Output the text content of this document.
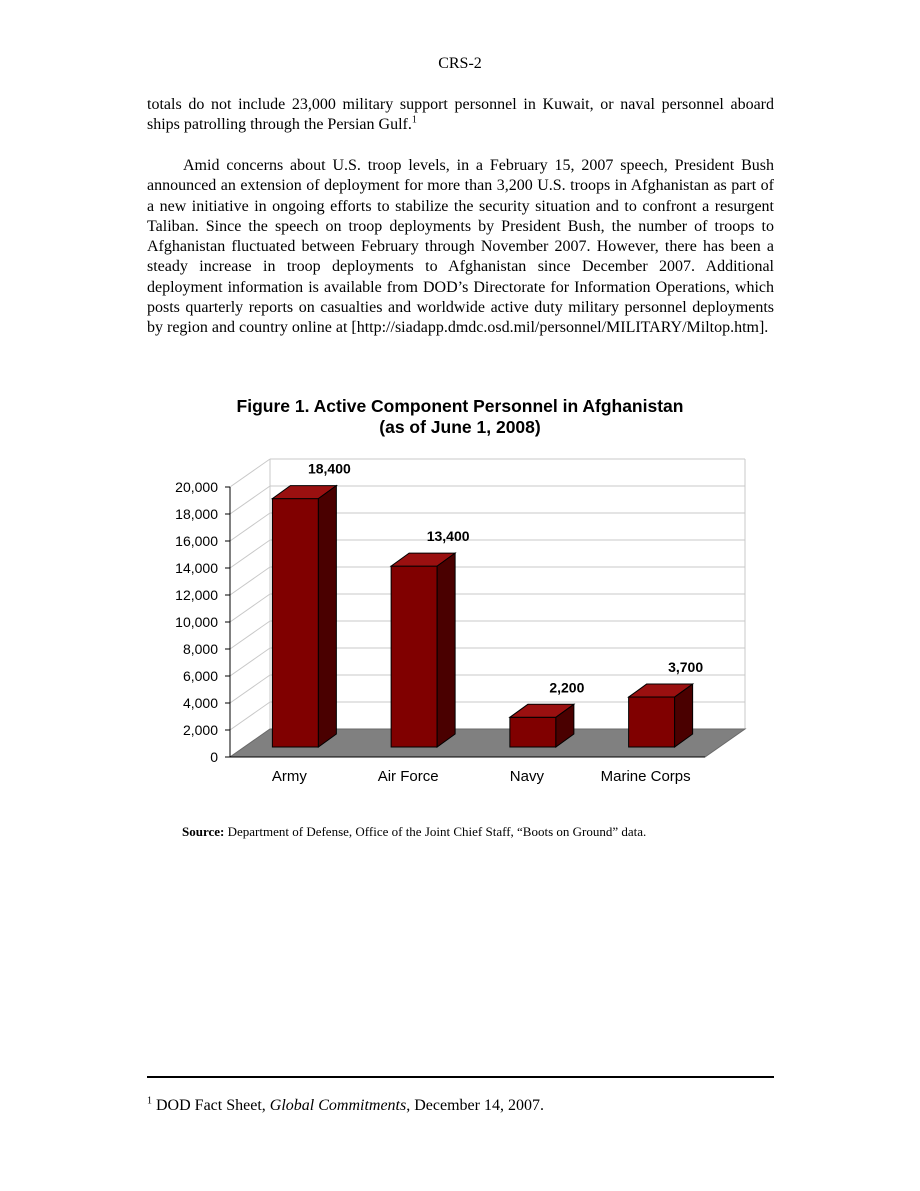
CRS-2

totals do not include 23,000 military support personnel in Kuwait, or naval personnel aboard ships patrolling through the Persian Gulf.$^1$

Amid concerns about U.S. troop levels, in a February 15, 2007 speech, President Bush announced an extension of deployment for more than 3,200 U.S. troops in Afghanistan as part of a new initiative in ongoing efforts to stabilize the security situation and to confront a resurgent Taliban. Since the speech on troop deployments by President Bush, the number of troops to Afghanistan fluctuated between February through November 2007. However, there has been a steady increase in troop deployments to Afghanistan since December 2007. Additional deployment information is available from DOD’s Directorate for Information Operations, which posts quarterly reports on casualties and worldwide active duty military personnel deployments by region and country online at [http://siadapp.dmdc.osd.mil/personnel/MILITARY/Miltop.htm].

Figure 1. Active Component Personnel in Afghanistan
(as of June 1, 2008)
0
2,000
4,000
6,000
8,000
10,000
12,000
14,000
16,000
18,000
20,000
18,400
Army
13,400
Air Force
2,200
Navy
3,700
Marine Corps
Source: Department of Defense, Office of the Joint Chief Staff, “Boots on Ground” data.
$^1$ DOD Fact Sheet, Global Commitments, December 14, 2007.
